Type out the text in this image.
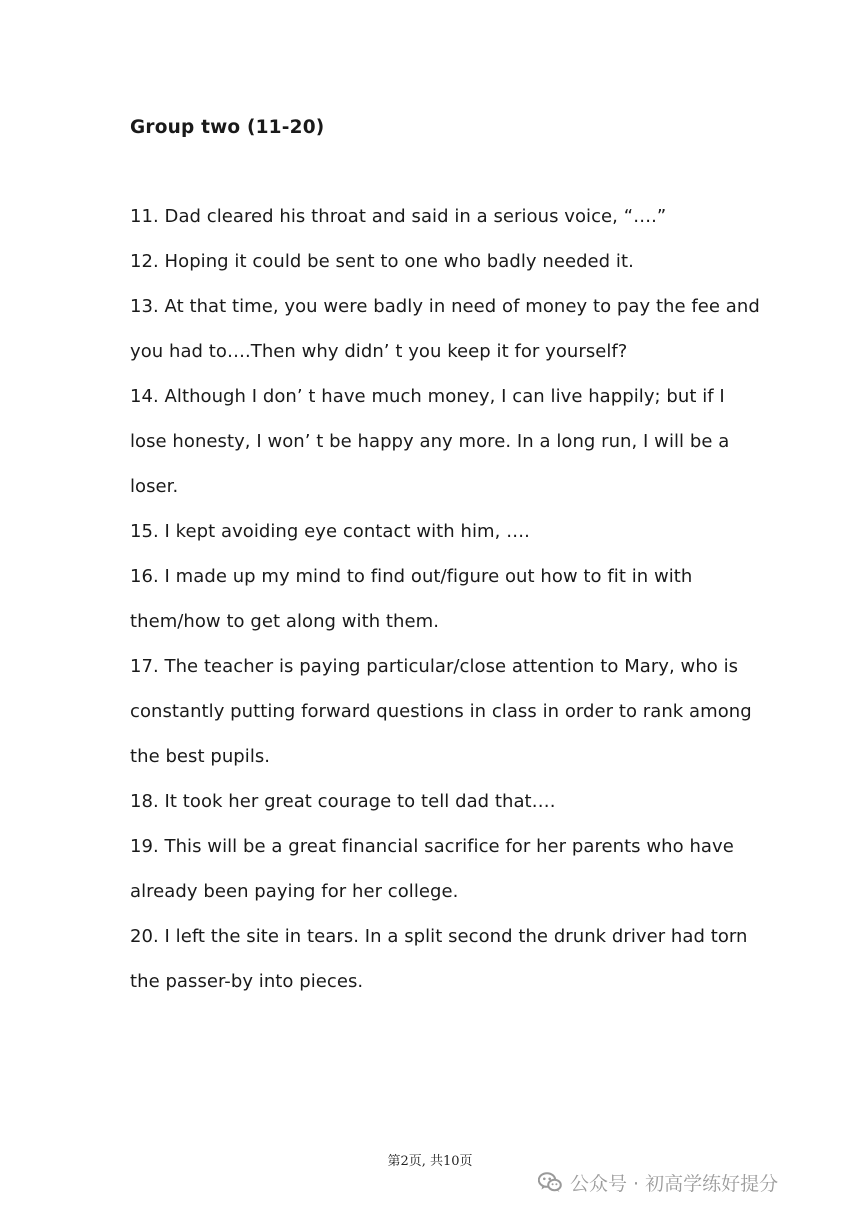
Group two (11-20)
11. Dad cleared his throat and said in a serious voice, “….”
12. Hoping it could be sent to one who badly needed it.
13. At that time, you were badly in need of money to pay the fee and
you had to….Then why didn’ t you keep it for yourself?
14. Although I don’ t have much money, I can live happily; but if I
lose honesty, I won’ t be happy any more. In a long run, I will be a
loser.
15. I kept avoiding eye contact with him, ….
16. I made up my mind to find out/figure out how to fit in with
them/how to get along with them.
17. The teacher is paying particular/close attention to Mary, who is
constantly putting forward questions in class in order to rank among
the best pupils.
18. It took her great courage to tell dad that….
19. This will be a great financial sacrifice for her parents who have
already been paying for her college.
20. I left the site in tears. In a split second the drunk driver had torn
the passer-by into pieces.
第2页, 共10页
公众号 · 初高学练好提分
